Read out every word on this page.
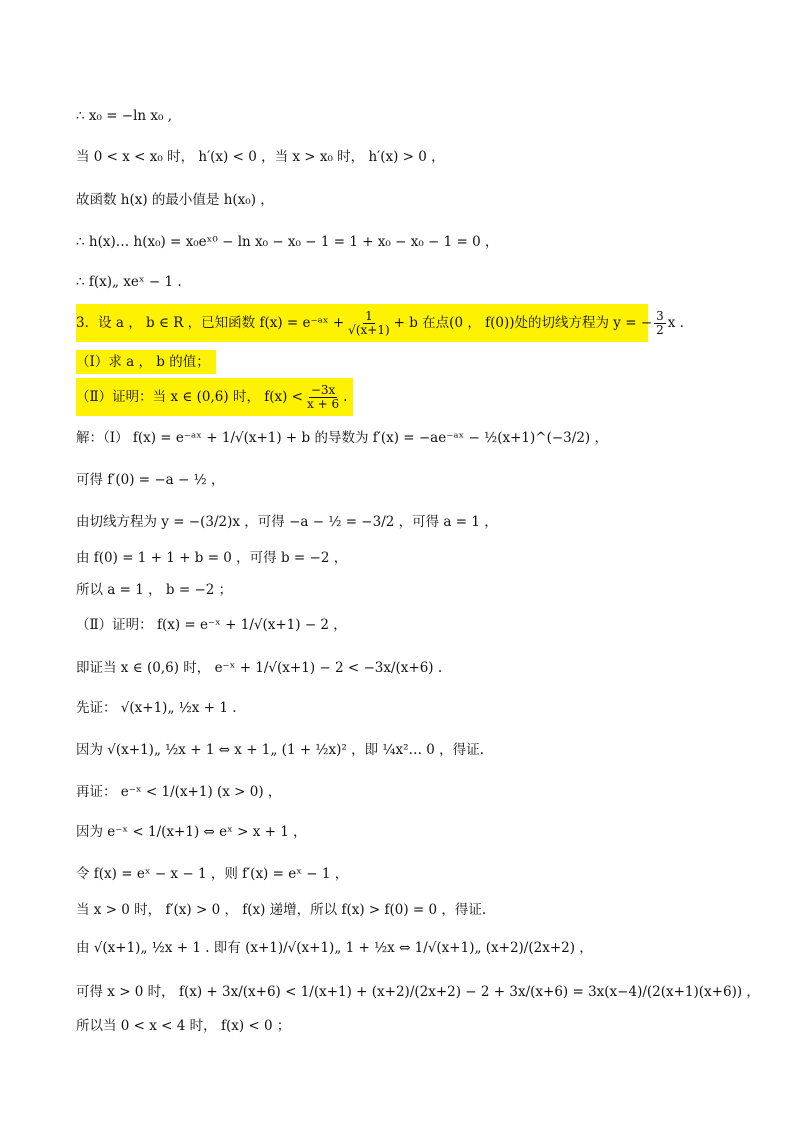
∴ x₀ = −ln x₀ ,
当 0 < x < x₀ 时， h′(x) < 0 ，当 x > x₀ 时， h′(x) > 0 ，
故函数 h(x) 的最小值是 h(x₀) ，
∴ h(x)… h(x₀) = x₀eˣ⁰ − ln x₀ − x₀ − 1 = 1 + x₀ − x₀ − 1 = 0 ，
∴ f(x)„ xeˣ − 1 .
3．设 a ， b ∈ R ，已知函数 f(x) = e⁻ᵃˣ + $\frac{1}{√(x+1)} + b$ 在点(0 ， f(0))处的切线方程为 y = − $\frac{3}{2}$ x .
（Ⅰ）求 a ， b 的值；
（Ⅱ）证明：当 x ∈ (0,6) 时， $f(x) < \frac{-3x}{x + 6}$ .
解：（Ⅰ） f(x) = e⁻ᵃˣ + 1/√(x+1) + b 的导数为 f′(x) = −ae⁻ᵃˣ − ½(x+1)^(−3/2) ，
可得 f′(0) = −a − ½ ，
由切线方程为 y = −(3/2)x ，可得 −a − ½ = −3/2 ，可得 a = 1 ，
由 f(0) = 1 + 1 + b = 0 ，可得 b = −2 ，
所以 a = 1 ， b = −2 ；
（Ⅱ）证明： f(x) = e⁻ˣ + 1/√(x+1) − 2 ，
即证当 x ∈ (0,6) 时， e⁻ˣ + 1/√(x+1) − 2 < −3x/(x+6) .
先证： √(x+1)„ ½x + 1 .
因为 √(x+1)„ ½x + 1 ⇔ x + 1„ (1 + ½x)² ，即 ¼x²… 0 ，得证.
再证： e⁻ˣ < 1/(x+1) (x > 0) ，
因为 e⁻ˣ < 1/(x+1) ⇔ eˣ > x + 1 ，
令 f(x) = eˣ − x − 1 ，则 f′(x) = eˣ − 1 ，
当 x > 0 时， f′(x) > 0 ， f(x) 递增，所以 f(x) > f(0) = 0 ，得证.
由 √(x+1)„ ½x + 1 . 即有 (x+1)/√(x+1)„ 1 + ½x ⇔ 1/√(x+1)„ (x+2)/(2x+2) ，
可得 x > 0 时， f(x) + 3x/(x+6) < 1/(x+1) + (x+2)/(2x+2) − 2 + 3x/(x+6) = 3x(x−4)/(2(x+1)(x+6)) ，
所以当 0 < x < 4 时， f(x) < 0 ；
